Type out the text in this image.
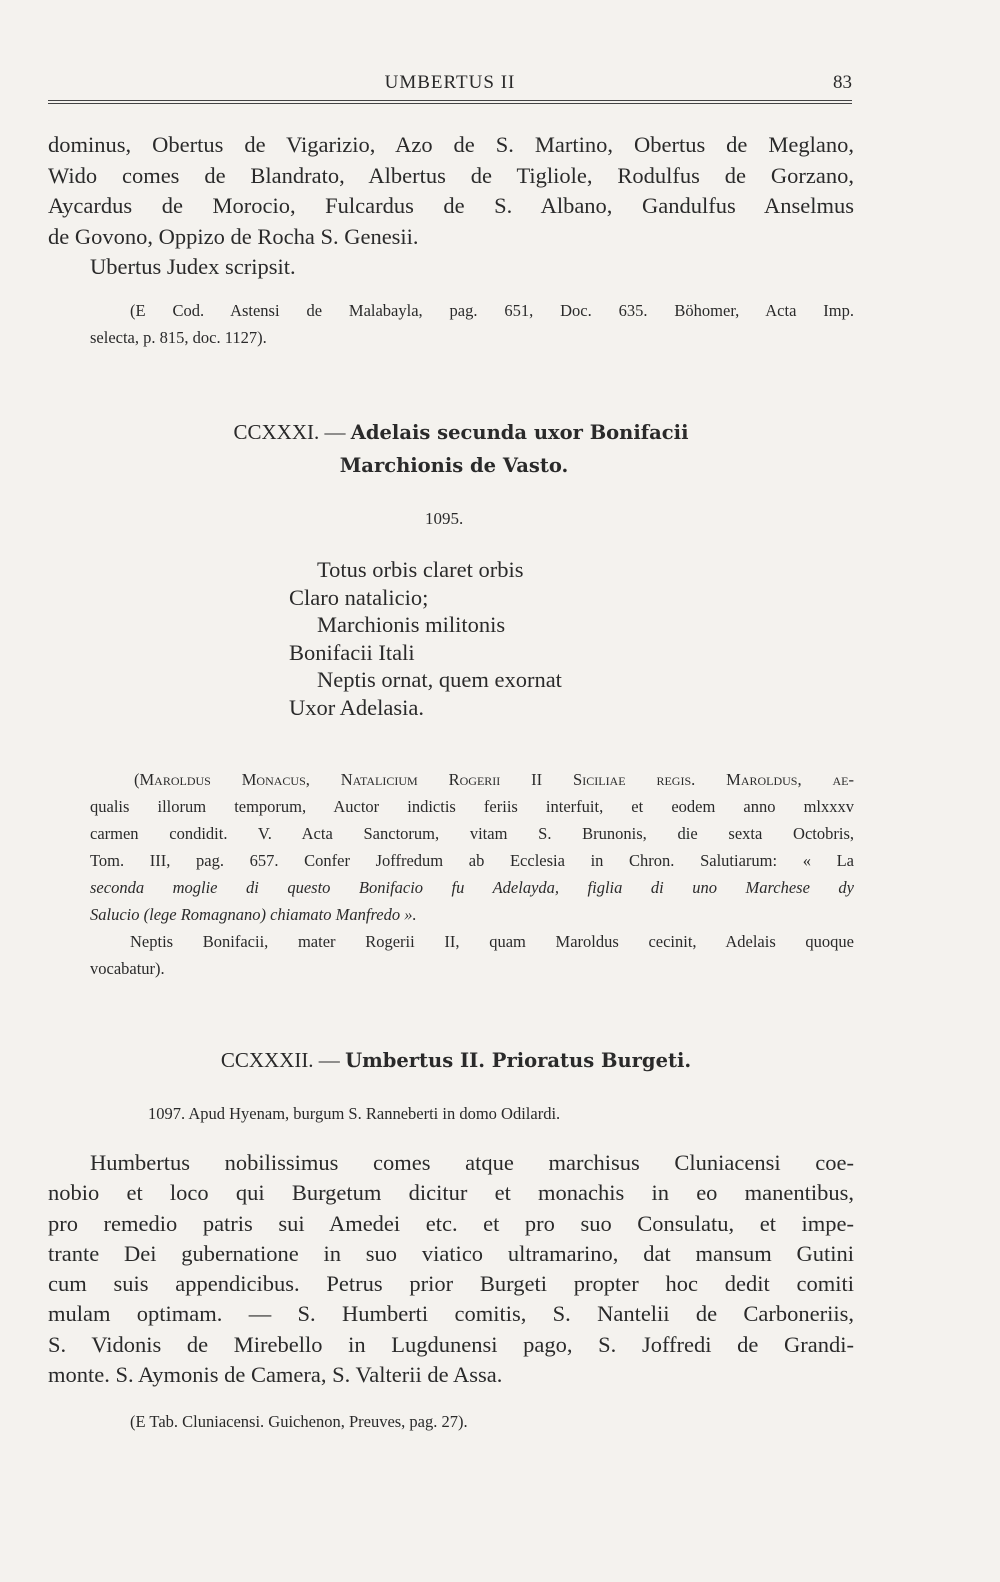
UMBERTUS II	83
dominus, Obertus de Vigarizio, Azo de S. Martino, Obertus de Meglano,
Wido comes de Blandrato, Albertus de Tigliole, Rodulfus de Gorzano,
Aycardus de Morocio, Fulcardus de S. Albano, Gandulfus Anselmus
de Govono, Oppizo de Rocha S. Genesii.
Ubertus Judex scripsit.
(E Cod. Astensi de Malabayla, pag. 651, Doc. 635. Böhomer, Acta Imp.
selecta, p. 815, doc. 1127).
CCXXXI. — Adelais secunda uxor Bonifacii
Marchionis de Vasto.
1095.
Totus orbis claret orbis
Claro natalicio;
Marchionis militonis
Bonifacii Itali
Neptis ornat, quem exornat
Uxor Adelasia.
(Maroldus Monacus, Natalicium Rogerii II Siciliae regis. Maroldus, ae-
qualis illorum temporum, Auctor indictis feriis interfuit, et eodem anno mlxxxv
carmen condidit. V. Acta Sanctorum, vitam S. Brunonis, die sexta Octobris,
Tom. III, pag. 657. Confer Joffredum ab Ecclesia in Chron. Salutiarum: « La
seconda moglie di questo Bonifacio fu Adelayda, figlia di uno Marchese dy
Salucio (lege Romagnano) chiamato Manfredo ».
Neptis Bonifacii, mater Rogerii II, quam Maroldus cecinit, Adelais quoque
vocabatur).
CCXXXII. — Umbertus II. Prioratus Burgeti.
1097. Apud Hyenam, burgum S. Ranneberti in domo Odilardi.
Humbertus nobilissimus comes atque marchisus Cluniacensi coe-
nobio et loco qui Burgetum dicitur et monachis in eo manentibus,
pro remedio patris sui Amedei etc. et pro suo Consulatu, et impe-
trante Dei gubernatione in suo viatico ultramarino, dat mansum Gutini
cum suis appendicibus. Petrus prior Burgeti propter hoc dedit comiti
mulam optimam. — S. Humberti comitis, S. Nantelii de Carboneriis,
S. Vidonis de Mirebello in Lugdunensi pago, S. Joffredi de Grandi-
monte. S. Aymonis de Camera, S. Valterii de Assa.
(E Tab. Cluniacensi. Guichenon, Preuves, pag. 27).
